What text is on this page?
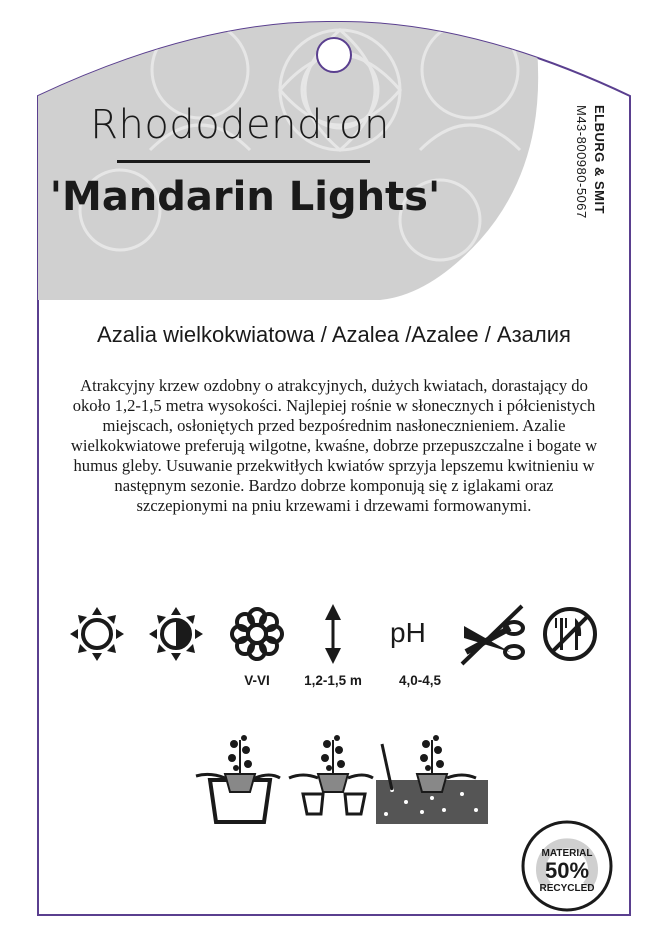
MATERIAL
50%
RECYCLED
Rhododendron
'Mandarin Lights'	ELBURG & SMIT
M43-800980-5067
Azalia wielkokwiatowa / Azalea /Azalee / Азалия
Atrakcyjny krzew ozdobny o atrakcyjnych, dużych kwiatach, dorastający do około 1,2-1,5 metra wysokości. Najlepiej rośnie w słonecznych i półcienistych miejscach, osłoniętych przed bezpośrednim nasłonecznieniem. Azalie wielkokwiatowe preferują wilgotne, kwaśne, dobrze przepuszczalne i bogate w humus gleby. Usuwanie przekwitłych kwiatów sprzyja lepszemu kwitnieniu w następnym sezonie. Bardzo dobrze komponują się z iglakami oraz szczepionymi na pniu krzewami i drzewami formowanymi.
pH
V-VI	1,2-1,5 m	4,0-4,5
